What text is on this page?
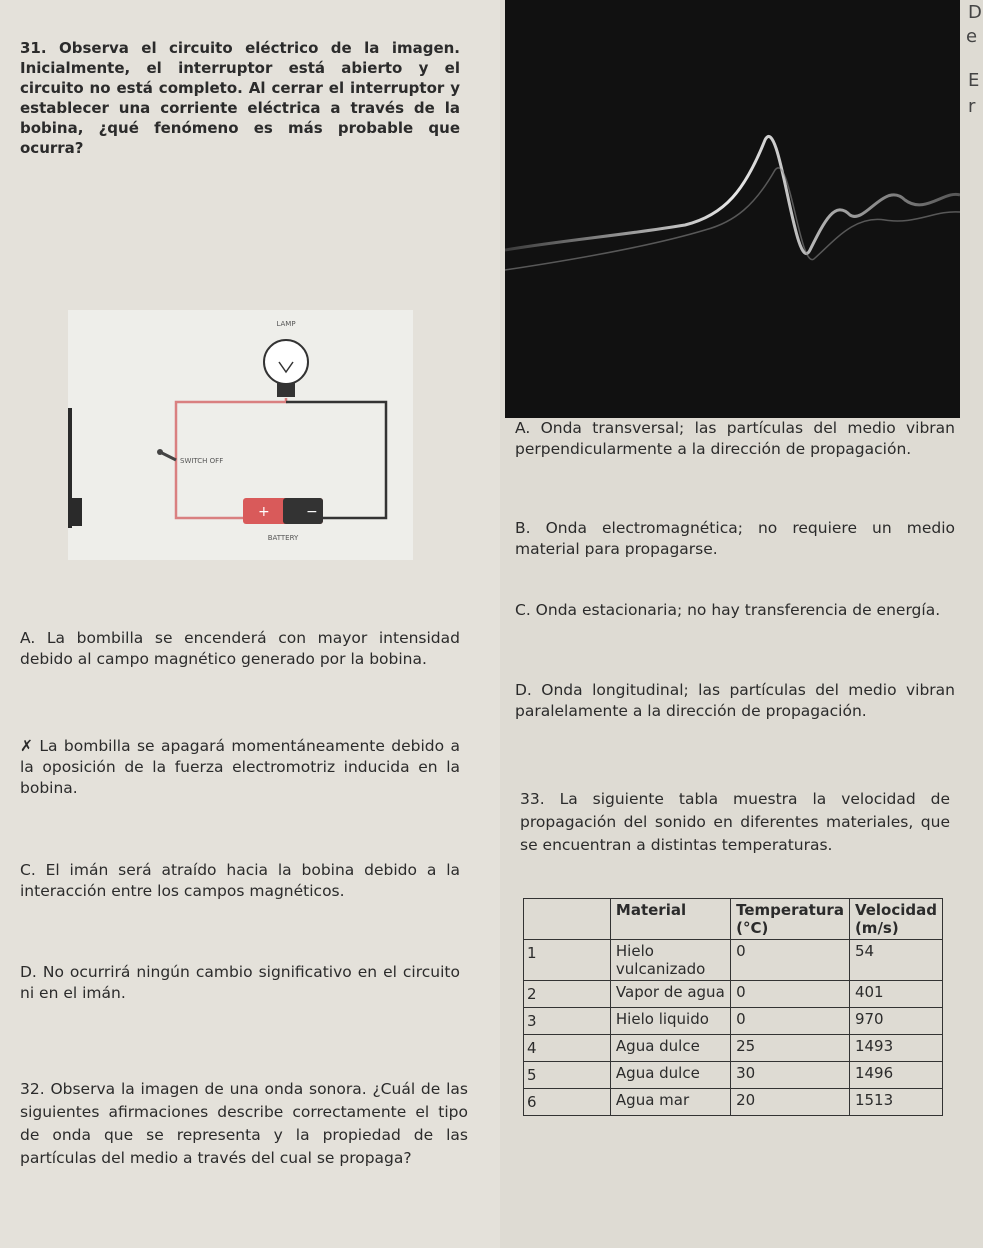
31. Observa el circuito eléctrico de la imagen. Inicialmente, el interruptor está abierto y el circuito no está completo. Al cerrar el interruptor y establecer una corriente eléctrica a través de la bobina, ¿qué fenómeno es más probable que ocurra?

LAMP
SWITCH OFF
+	−
BATTERY

A. La bombilla se encenderá con mayor intensidad debido al campo magnético generado por la bobina.

✗ La bombilla se apagará momentáneamente debido a la oposición de la fuerza electromotriz inducida en la bobina.

C. El imán será atraído hacia la bobina debido a la interacción entre los campos magnéticos.

D. No ocurrirá ningún cambio significativo en el circuito ni en el imán.

32. Observa la imagen de una onda sonora. ¿Cuál de las siguientes afirmaciones describe correctamente el tipo de onda que se representa y la propiedad de las partículas del medio a través del cual se propaga?

A. Onda transversal; las partículas del medio vibran perpendicularmente a la dirección de propagación.

B. Onda electromagnética; no requiere un medio material para propagarse.

C. Onda estacionaria; no hay transferencia de energía.

D. Onda longitudinal; las partículas del medio vibran paralelamente a la dirección de propagación.

33. La siguiente tabla muestra la velocidad de propagación del sonido en diferentes materiales, que se encuentran a distintas temperaturas.

	Material	Temperatura (°C)	Velocidad (m/s)
1	Hielo vulcanizado	0	54
2	Vapor de agua	0	401
3	Hielo liquido	0	970
4	Agua dulce	25	1493
5	Agua dulce	30	1496
6	Agua mar	20	1513
D
e
E
r
